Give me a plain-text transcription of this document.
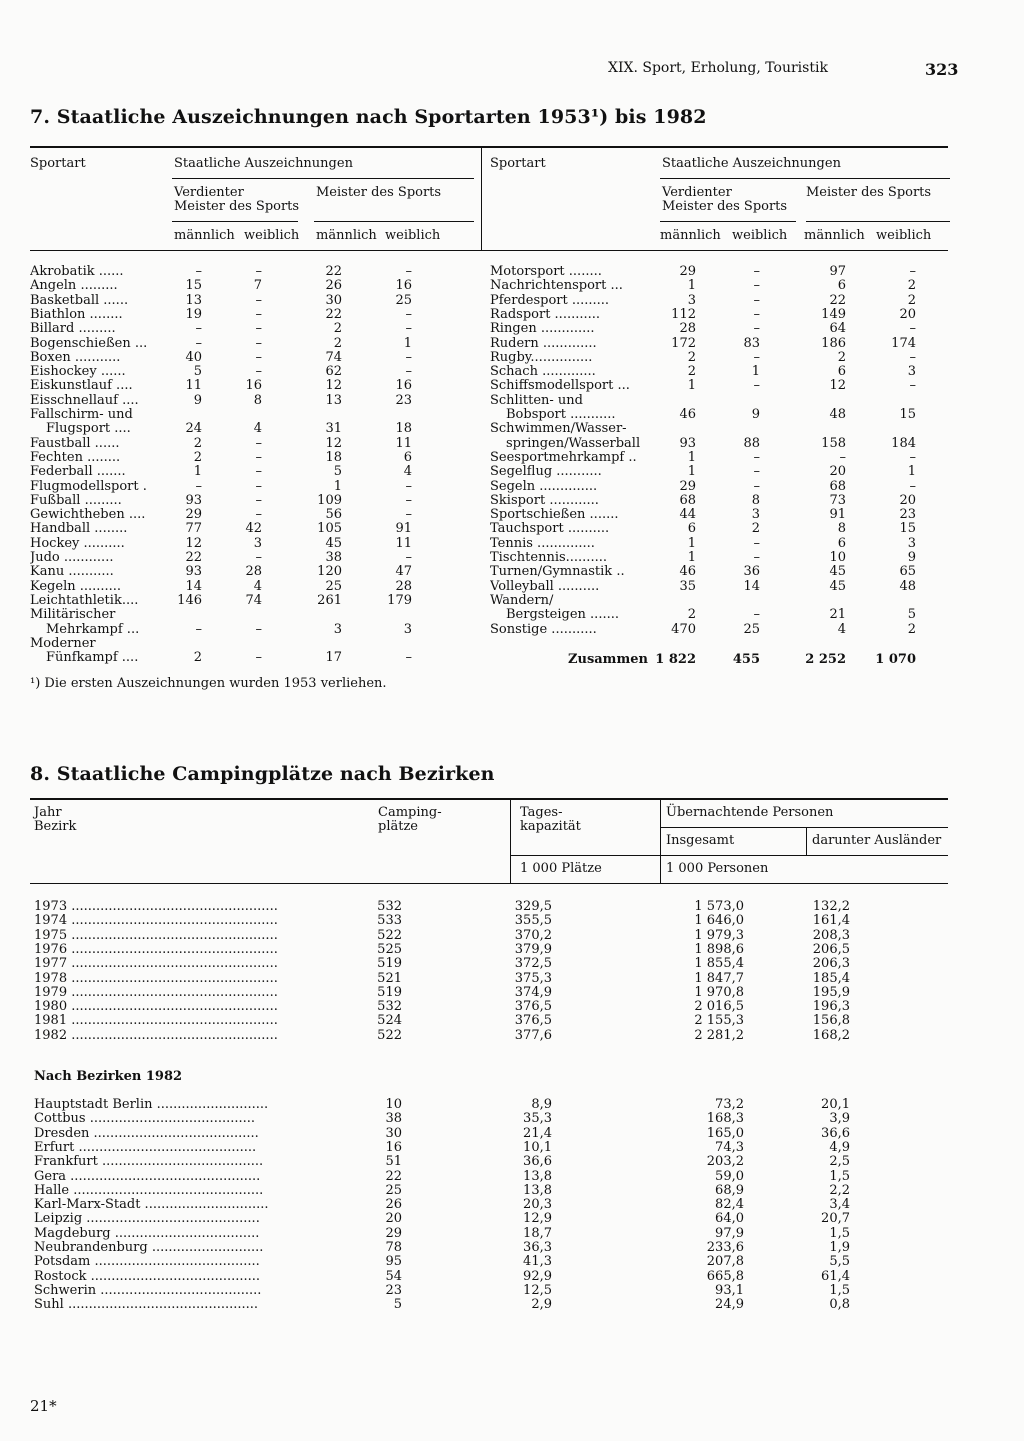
XIX. Sport, Erholung, Touristik	323
7. Staatliche Auszeichnungen nach Sportarten 1953¹) bis 1982
Sportart	Staatliche Auszeichnungen
Verdienter
Meister des Sports
Meister des Sports
männlich weiblich männlich weiblich
Sportart	Staatliche Auszeichnungen
Verdienter
Meister des Sports
Meister des Sports
männlich weiblich männlich weiblich
Akrobatik ......	–	–	22	–
Angeln .........	15	7	26	16
Basketball ......	13	–	30	25
Biathlon ........	19	–	22	–
Billard .........	–	–	2	–
Bogenschießen ...	–	–	2	1
Boxen ...........	40	–	74	–
Eishockey ......	5	–	62	–
Eiskunstlauf ....	11	16	12	16
Eisschnellauf ....	9	8	13	23
Fallschirm- und
Flugsport ....	24	4	31	18
Faustball ......	2	–	12	11
Fechten ........	2	–	18	6
Federball .......	1	–	5	4
Flugmodellsport .	–	–	1	–
Fußball .........	93	–	109	–
Gewichtheben ....	29	–	56	–
Handball ........	77	42	105	91
Hockey ..........	12	3	45	11
Judo ............	22	–	38	–
Kanu ...........	93	28	120	47
Kegeln ..........	14	4	25	28
Leichtathletik....	146	74	261	179
Militärischer
Mehrkampf ...	–	–	3	3
Moderner
Fünfkampf ....	2	–	17	–
Motorsport ........	29	–	97	–
Nachrichtensport ...	1	–	6	2
Pferdesport .........	3	–	22	2
Radsport ...........	112	–	149	20
Ringen .............	28	–	64	–
Rudern .............	172	83	186	174
Rugby...............	2	–	2	–
Schach .............	2	1	6	3
Schiffsmodellsport ...	1	–	12	–
Schlitten- und
Bobsport ...........	46	9	48	15
Schwimmen/Wasser-
springen/Wasserball	93	88	158	184
Seesportmehrkampf ..	1	–	–	–
Segelflug ...........	1	–	20	1
Segeln ..............	29	–	68	–
Skisport ............	68	8	73	20
Sportschießen .......	44	3	91	23
Tauchsport ..........	6	2	8	15
Tennis ..............	1	–	6	3
Tischtennis..........	1	–	10	9
Turnen/Gymnastik ..	46	36	45	65
Volleyball ..........	35	14	45	48
Wandern/
Bergsteigen .......	2	–	21	5
Sonstige ...........	470	25	4	2
Zusammen 1 822	455	2 252	1 070
¹) Die ersten Auszeichnungen wurden 1953 verliehen.
8. Staatliche Campingplätze nach Bezirken
Jahr
Bezirk
Camping-
plätze
Tages-
kapazität
Übernachtende Personen
Insgesamt	darunter Ausländer
1 000 Plätze	1 000 Personen
1973 ..................................................	532	329,5	1 573,0	132,2
1974 ..................................................	533	355,5	1 646,0	161,4
1975 ..................................................	522	370,2	1 979,3	208,3
1976 ..................................................	525	379,9	1 898,6	206,5
1977 ..................................................	519	372,5	1 855,4	206,3
1978 ..................................................	521	375,3	1 847,7	185,4
1979 ..................................................	519	374,9	1 970,8	195,9
1980 ..................................................	532	376,5	2 016,5	196,3
1981 ..................................................	524	376,5	2 155,3	156,8
1982 ..................................................	522	377,6	2 281,2	168,2
Nach Bezirken 1982
Hauptstadt Berlin ...........................	10	8,9	73,2	20,1
Cottbus ........................................	38	35,3	168,3	3,9
Dresden ........................................	30	21,4	165,0	36,6
Erfurt ...........................................	16	10,1	74,3	4,9
Frankfurt .......................................	51	36,6	203,2	2,5
Gera ..............................................	22	13,8	59,0	1,5
Halle ..............................................	25	13,8	68,9	2,2
Karl-Marx-Stadt ..............................	26	20,3	82,4	3,4
Leipzig ..........................................	20	12,9	64,0	20,7
Magdeburg ...................................	29	18,7	97,9	1,5
Neubrandenburg ...........................	78	36,3	233,6	1,9
Potsdam ........................................	95	41,3	207,8	5,5
Rostock .........................................	54	92,9	665,8	61,4
Schwerin .......................................	23	12,5	93,1	1,5
Suhl ..............................................	5	2,9	24,9	0,8
21*
